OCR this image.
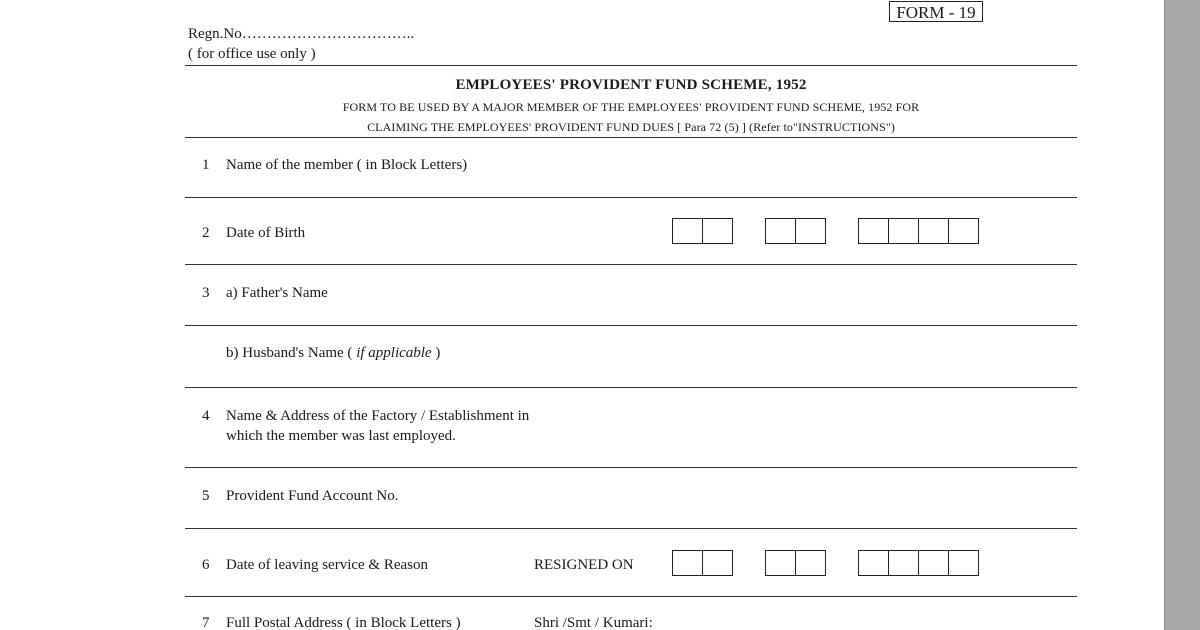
FORM - 19
Regn.No……………………………..
( for office use only )
EMPLOYEES' PROVIDENT FUND SCHEME, 1952
FORM TO BE USED BY A MAJOR MEMBER OF THE EMPLOYEES' PROVIDENT FUND SCHEME, 1952 FOR
CLAIMING THE EMPLOYEES' PROVIDENT FUND DUES [ Para 72 (5) ] (Refer to"INSTRUCTIONS")
1 Name of the member ( in Block Letters)
2 Date of Birth
3 a) Father's Name
b) Husband's Name ( if applicable )
4 Name & Address of the Factory / Establishment in
which the member was last employed.
5 Provident Fund Account No.
6 Date of leaving service & Reason	RESIGNED ON
7 Full Postal Address ( in Block Letters )	Shri /Smt / Kumari:
